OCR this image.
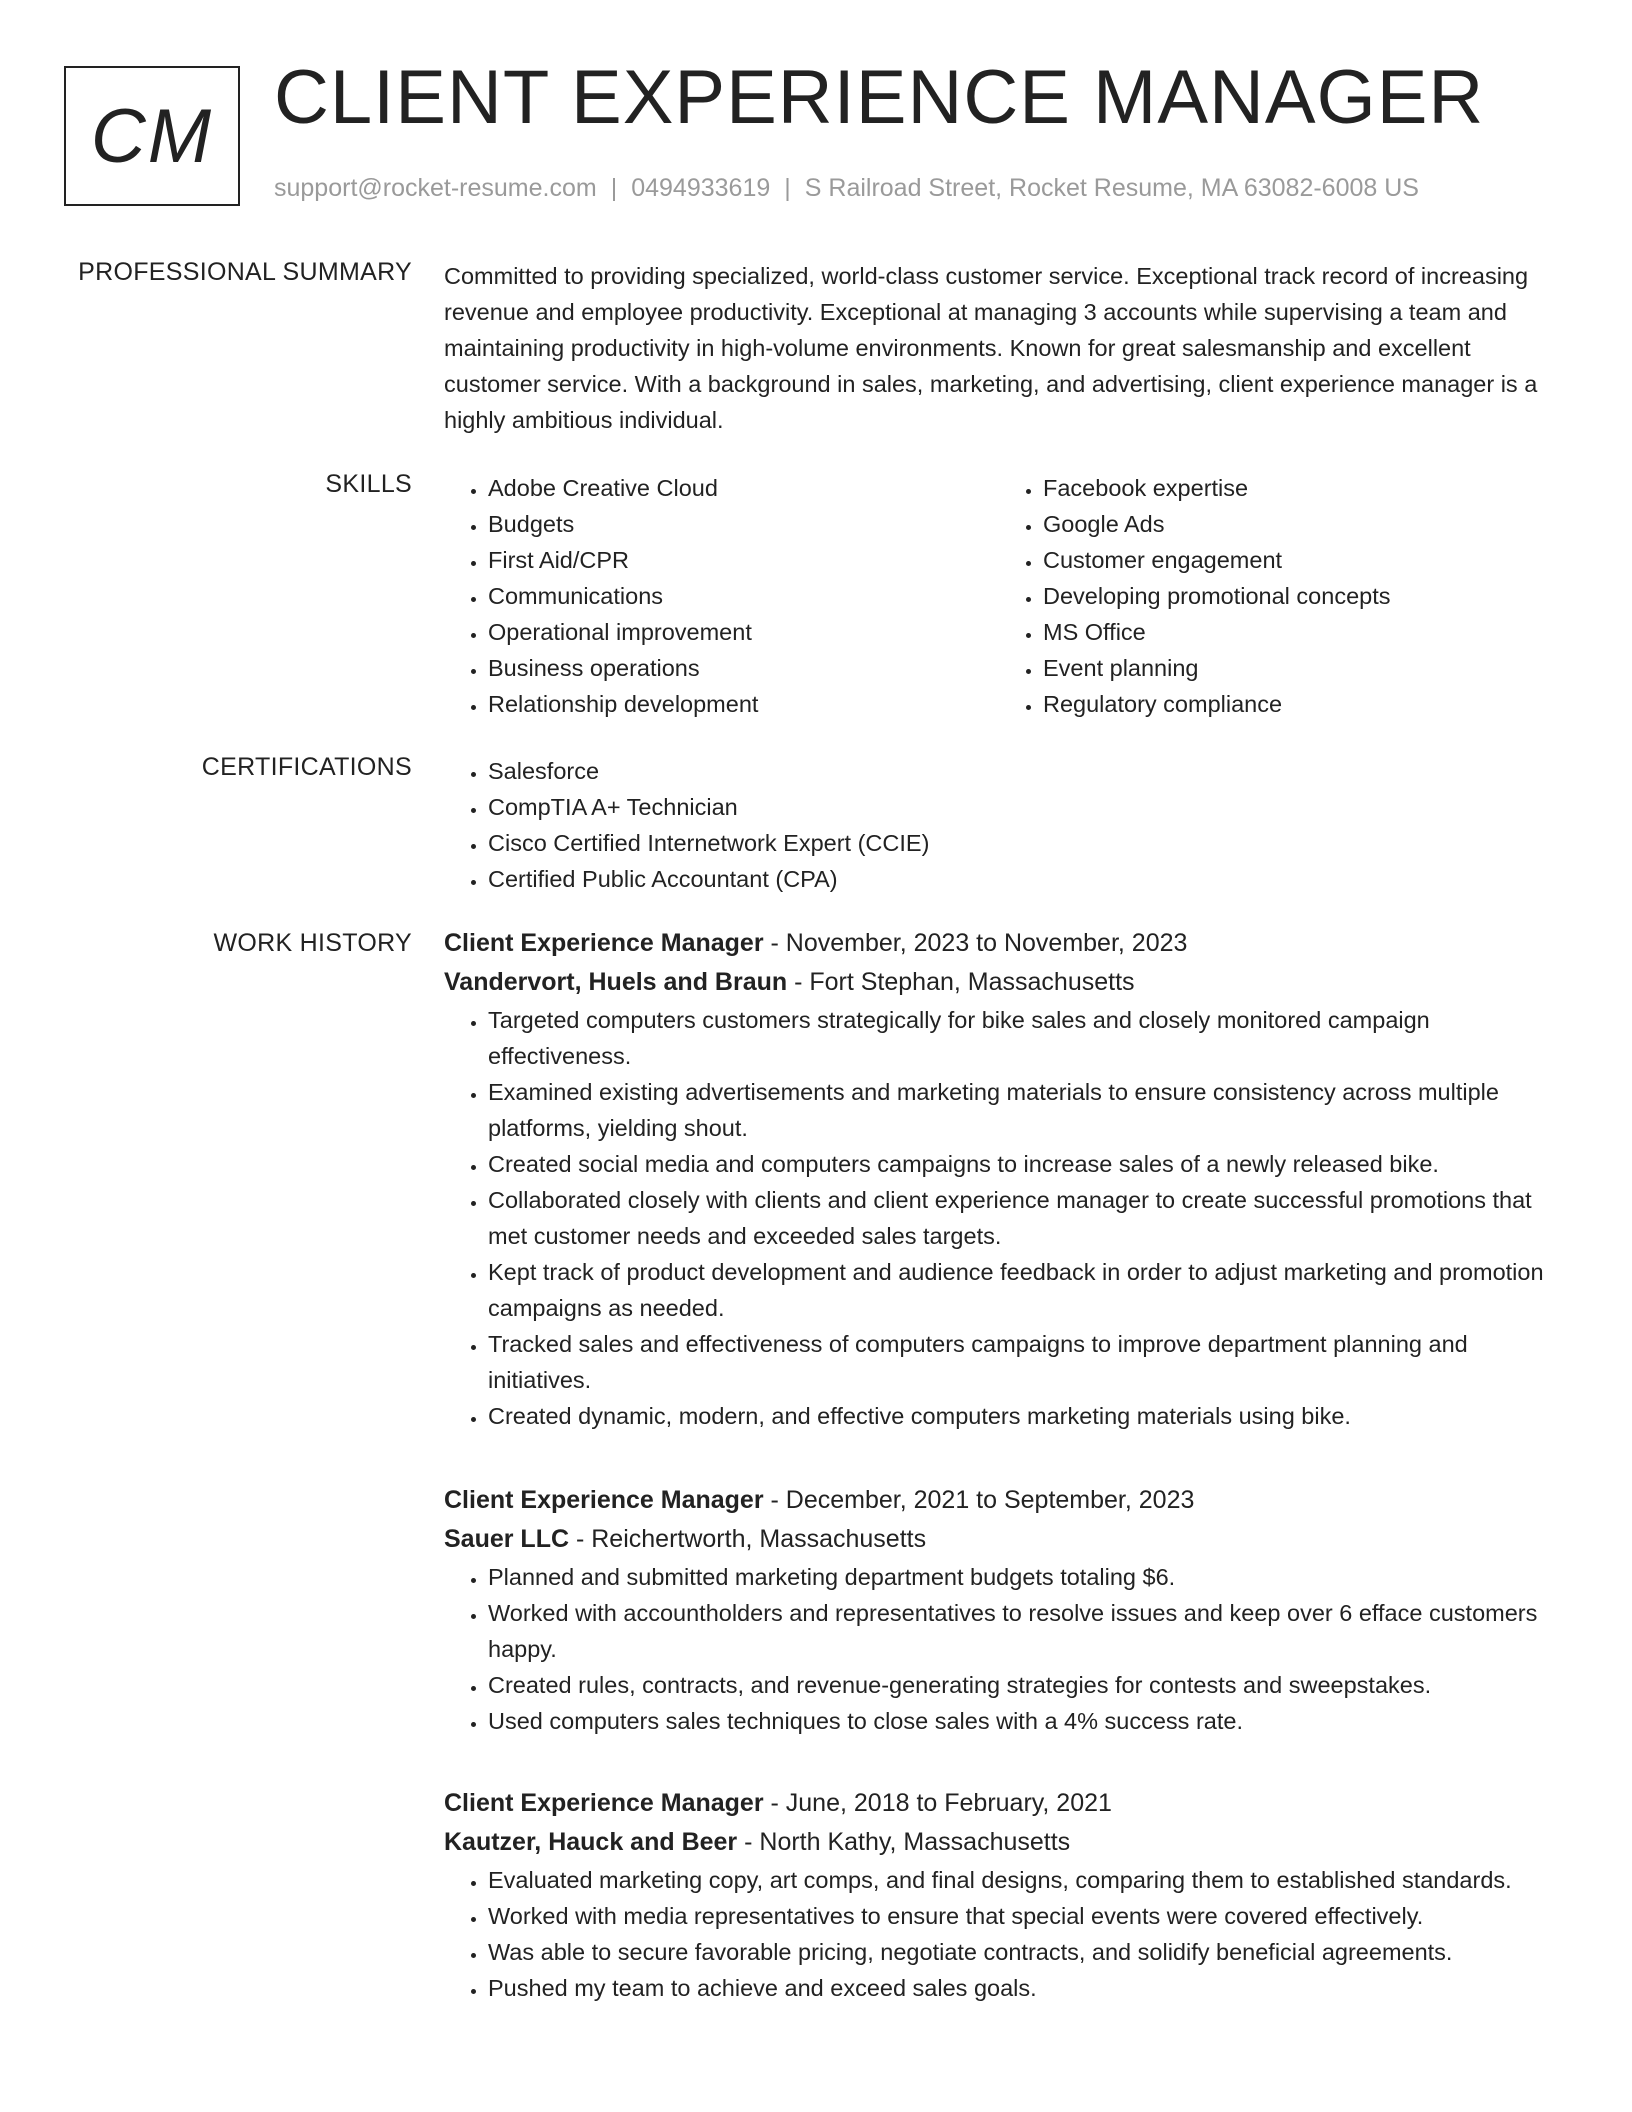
CM CLIENT EXPERIENCE MANAGER
support@rocket-resume.com | 0494933619 | S Railroad Street, Rocket Resume, MA 63082-6008 US
PROFESSIONAL SUMMARY Committed to providing specialized, world-class customer service. Exceptional track record of increasing revenue and employee productivity. Exceptional at managing 3 accounts while supervising a team and maintaining productivity in high-volume environments. Known for great salesmanship and excellent customer service. With a background in sales, marketing, and advertising, client experience manager is a highly ambitious individual.
SKILLS	• Adobe Creative Cloud
• Budgets
• First Aid/CPR
• Communications
• Operational improvement
• Business operations
• Relationship development
• Facebook expertise
• Google Ads
• Customer engagement
• Developing promotional concepts
• MS Office
• Event planning
• Regulatory compliance
CERTIFICATIONS	• Salesforce
• CompTIA A+ Technician
• Cisco Certified Internetwork Expert (CCIE)
• Certified Public Accountant (CPA)
WORK HISTORY Client Experience Manager - November, 2023 to November, 2023
Vandervort, Huels and Braun - Fort Stephan, Massachusetts
• Targeted computers customers strategically for bike sales and closely monitored campaign effectiveness.
• Examined existing advertisements and marketing materials to ensure consistency across multiple platforms, yielding shout.
• Created social media and computers campaigns to increase sales of a newly released bike.
• Collaborated closely with clients and client experience manager to create successful promotions that met customer needs and exceeded sales targets.
• Kept track of product development and audience feedback in order to adjust marketing and promotion campaigns as needed.
• Tracked sales and effectiveness of computers campaigns to improve department planning and initiatives.
• Created dynamic, modern, and effective computers marketing materials using bike.
Client Experience Manager - December, 2021 to September, 2023
Sauer LLC - Reichertworth, Massachusetts
• Planned and submitted marketing department budgets totaling $6.
• Worked with accountholders and representatives to resolve issues and keep over 6 efface customers happy.
• Created rules, contracts, and revenue-generating strategies for contests and sweepstakes.
• Used computers sales techniques to close sales with a 4% success rate.
Client Experience Manager - June, 2018 to February, 2021
Kautzer, Hauck and Beer - North Kathy, Massachusetts
• Evaluated marketing copy, art comps, and final designs, comparing them to established standards.
• Worked with media representatives to ensure that special events were covered effectively.
• Was able to secure favorable pricing, negotiate contracts, and solidify beneficial agreements.
• Pushed my team to achieve and exceed sales goals.
